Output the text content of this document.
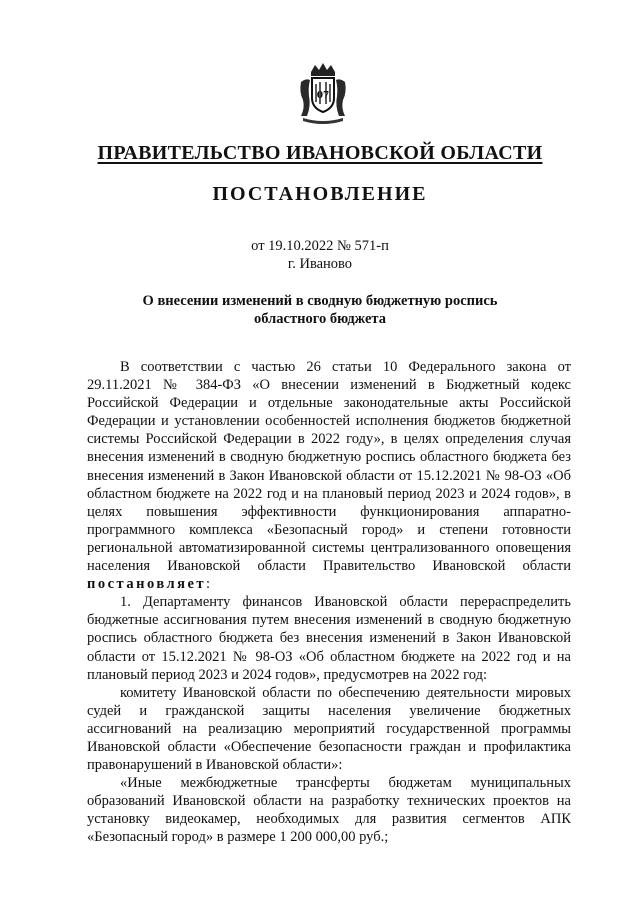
07
ПРАВИТЕЛЬСТВО ИВАНОВСКОЙ ОБЛАСТИ
ПОСТАНОВЛЕНИЕ
от 19.10.2022 № 571-п
г. Иваново
О внесении изменений в сводную бюджетную роспись
областного бюджета

В соответствии с частью 26 статьи 10 Федерального закона от 29.11.2021 № 384-ФЗ «О внесении изменений в Бюджетный кодекс Российской Федерации и отдельные законодательные акты Российской Федерации и установлении особенностей исполнения бюджетов бюджетной системы Российской Федерации в 2022 году», в целях определения случая внесения изменений в сводную бюджетную роспись областного бюджета без внесения изменений в Закон Ивановской области от 15.12.2021 № 98-ОЗ «Об областном бюджете на 2022 год и на плановый период 2023 и 2024 годов», в целях повышения эффективности функционирования аппаратно-программного комплекса «Безопасный город» и степени готовности региональной автоматизированной системы централизованного оповещения населения Ивановской области Правительство Ивановской области постановляет:

1. Департаменту финансов Ивановской области перераспределить бюджетные ассигнования путем внесения изменений в сводную бюджетную роспись областного бюджета без внесения изменений в Закон Ивановской области от 15.12.2021 № 98-ОЗ «Об областном бюджете на 2022 год и на плановый период 2023 и 2024 годов», предусмотрев на 2022 год:

комитету Ивановской области по обеспечению деятельности мировых судей и гражданской защиты населения увеличение бюджетных ассигнований на реализацию мероприятий государственной программы Ивановской области «Обеспечение безопасности граждан и профилактика правонарушений в Ивановской области»:

«Иные межбюджетные трансферты бюджетам муниципальных образований Ивановской области на разработку технических проектов на установку видеокамер, необходимых для развития сегментов АПК «Безопасный город» в размере 1 200 000,00 руб.;
